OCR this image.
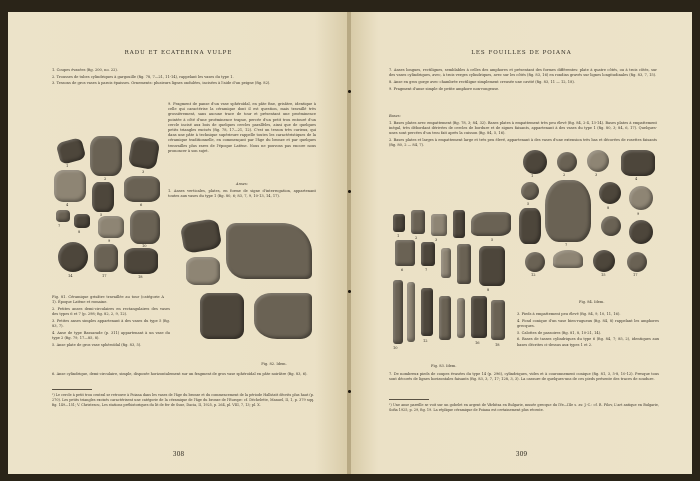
RADU ET ECATERINA VULPE

1. Coupes évasées (fig. 200, no. 22).

2. Trousses de tubes cylindriques à gargouille (fig. 78, 7—21, 11-14), rappelant les vases du type 1.

3. Tessons de gros vases à parois épaisses. Ornements: plusieurs lignes ondulées, incisées à l'aide d'un peigne (fig. 82).

9. Fragment de panse d'un vase sphéroïdal, en pâte fine, grisâtre, identique à celle qui caractérise la céramique dont il est question, mais travaillé très grossièrement, sans aucune trace de tour et présentant une proéminence pointée à côté d'une proéminence trapue, percée d'un petit trou entouré d'un cercle incisé aux bois de quelques cercles parallèles, ainsi que de quelques petits triangles excisés (fig. 78, 17—21, 12). C'est un tesson très curieux, qui dans une pâte à technique supérieure rappelle toutes les caractéristiques de la céramique traditionnelle, en commençant par l'âge du bronze et par quelques trouvailles plus rares de l'époque Latène. Nous ne pouvons pas encore nous prononcer à son sujet.

1
2
3
4
5
6
7
8
9
10
14	17	18
Fig. 81. Céramique grisâtre travaillée au tour (catégorie A 1). Époque Latène et romaine.

Anses:

1. Anses verticales, plates, en forme de signe d'interrogation, appartenant toutes aux vases du type 1 (fig. 80, 6; 83, 7, 9, 10-13, 14, 17).

Fig. 82. Idem.

2. Petites anses demi-circulaires en rectangulaires des vases des types 6 et 7 (p. 298; fig. 82, 2, 9, 12).

3. Petites anses simples appartenant à des vases du type 5 (fig. 83, 7).

4. Anse de type Bassarade (p. 311) appartenant à un vase du type 2 (fig. 79, 17—85, 8).

5. Anse plate de gros vase sphéroïdal (fig. 83, 5).

6. Anse cylindrique, demi-circulaire, simple, disposée horizontalement sur un fragment de gros vase sphéroïdal en pâte noirâtre (fig. 83, 6).
¹) Le cercle à petit trou central se retrouve à Poiana dans les vases de l'âge du bronze et du commencement de la période Hallstatt décrits plus haut (p. 270). Les petits triangles excisés caractérisent une catégorie de la céramique de l'âge du bronze de l'Europe: cf. Déchelette, Manuel, II, 1, p. 379 sqq. fig. 149—151; V. Christescu, Les stations préhistoriques du lit de fer de Suse, Dacia, II, 1925, p. 264, pl. VIII, 7, 13; pl. X.
308
LES FOUILLES DE POIANA

7. Anses longues, rectilignes, semblables à celles des amphores et présentant des formes différentes: plate à quatre côtés, ou à trois côtés, sur des vases cylindriques, avec, à trois verges cylindriques, avec sur les côtés (fig. 83, 16) en rondins gravés sur lignes longitudinales (fig. 83, 7, 15).

8. Anse en gros gorge avec chambrée rectiligne simplement creusée une cavité (fig. 83, 11 — 12, 18).

9. Fragment d'anse simple de petite amphore non-rongeuse.

Bases:

1. Bases plates avec empattement (fig. 78, 3; 84, 32). Bases plates à empattement très peu élevé (fig. 84, 2-4, 13-14). Bases plates à empattement inégal, très débordant dérivées de cercles de bordure et de signes faisants, appartenant à des vases du type 1 (fig. 80, 3; 84, 6, 17). Quelques-unes sont percées d'un trou fait après la cuisson (fig. 84, 5, 16).

2. Bases plates et larges à empattement large et très peu élevé, appartenant à des vases d'une extension très bas et décorées de rosettes faisants (fig. 80, 2 — 84, 7).

1	2	3	5
6	7
8
10
12	16	18
Fig. 83. Idem.
1	2	3
4
5
7
8
9
12	15	17
Fig. 84. Idem.

3. Pieds à empattement peu élevé (fig. 84, 9, 10, 11, 16).

4. Fond conique d'un vase bien-rugueux (fig. 84, 8) rappelant les amphores grecques.

5. Calottes de passoires (fig. 81, 8, 10-21, 14).

6. Bases de tasses cylindriques du type 6 (fig. 84, 7; 85, 2), identiques aux bases décrites ci-dessus aux types 1 et 2.

7. De nombreux pieds de coupes évasées du type 14 (p. 296), cylindriques, vides et à couronnement conique (fig. 81, 3, 5-8, 10-12). Presque tous sont décorés de lignes horizontales faisants (fig. 83, 3, 7, 17; 128, 3, 3). La cassure de quelques-uns de ces pieds présente des traces de soudure.
¹) Une anse pareille se voit sur un gobelet en argent de Vârbitza en Bulgarie, musée grecque du IVe—IIIe s. av. J.-C.: cf. R. Filov, L'art antique en Bulgarie, Sofia 1925, p. 29, fig. 19. La réplique céramique de Poiana est certainement plus récente.
309
